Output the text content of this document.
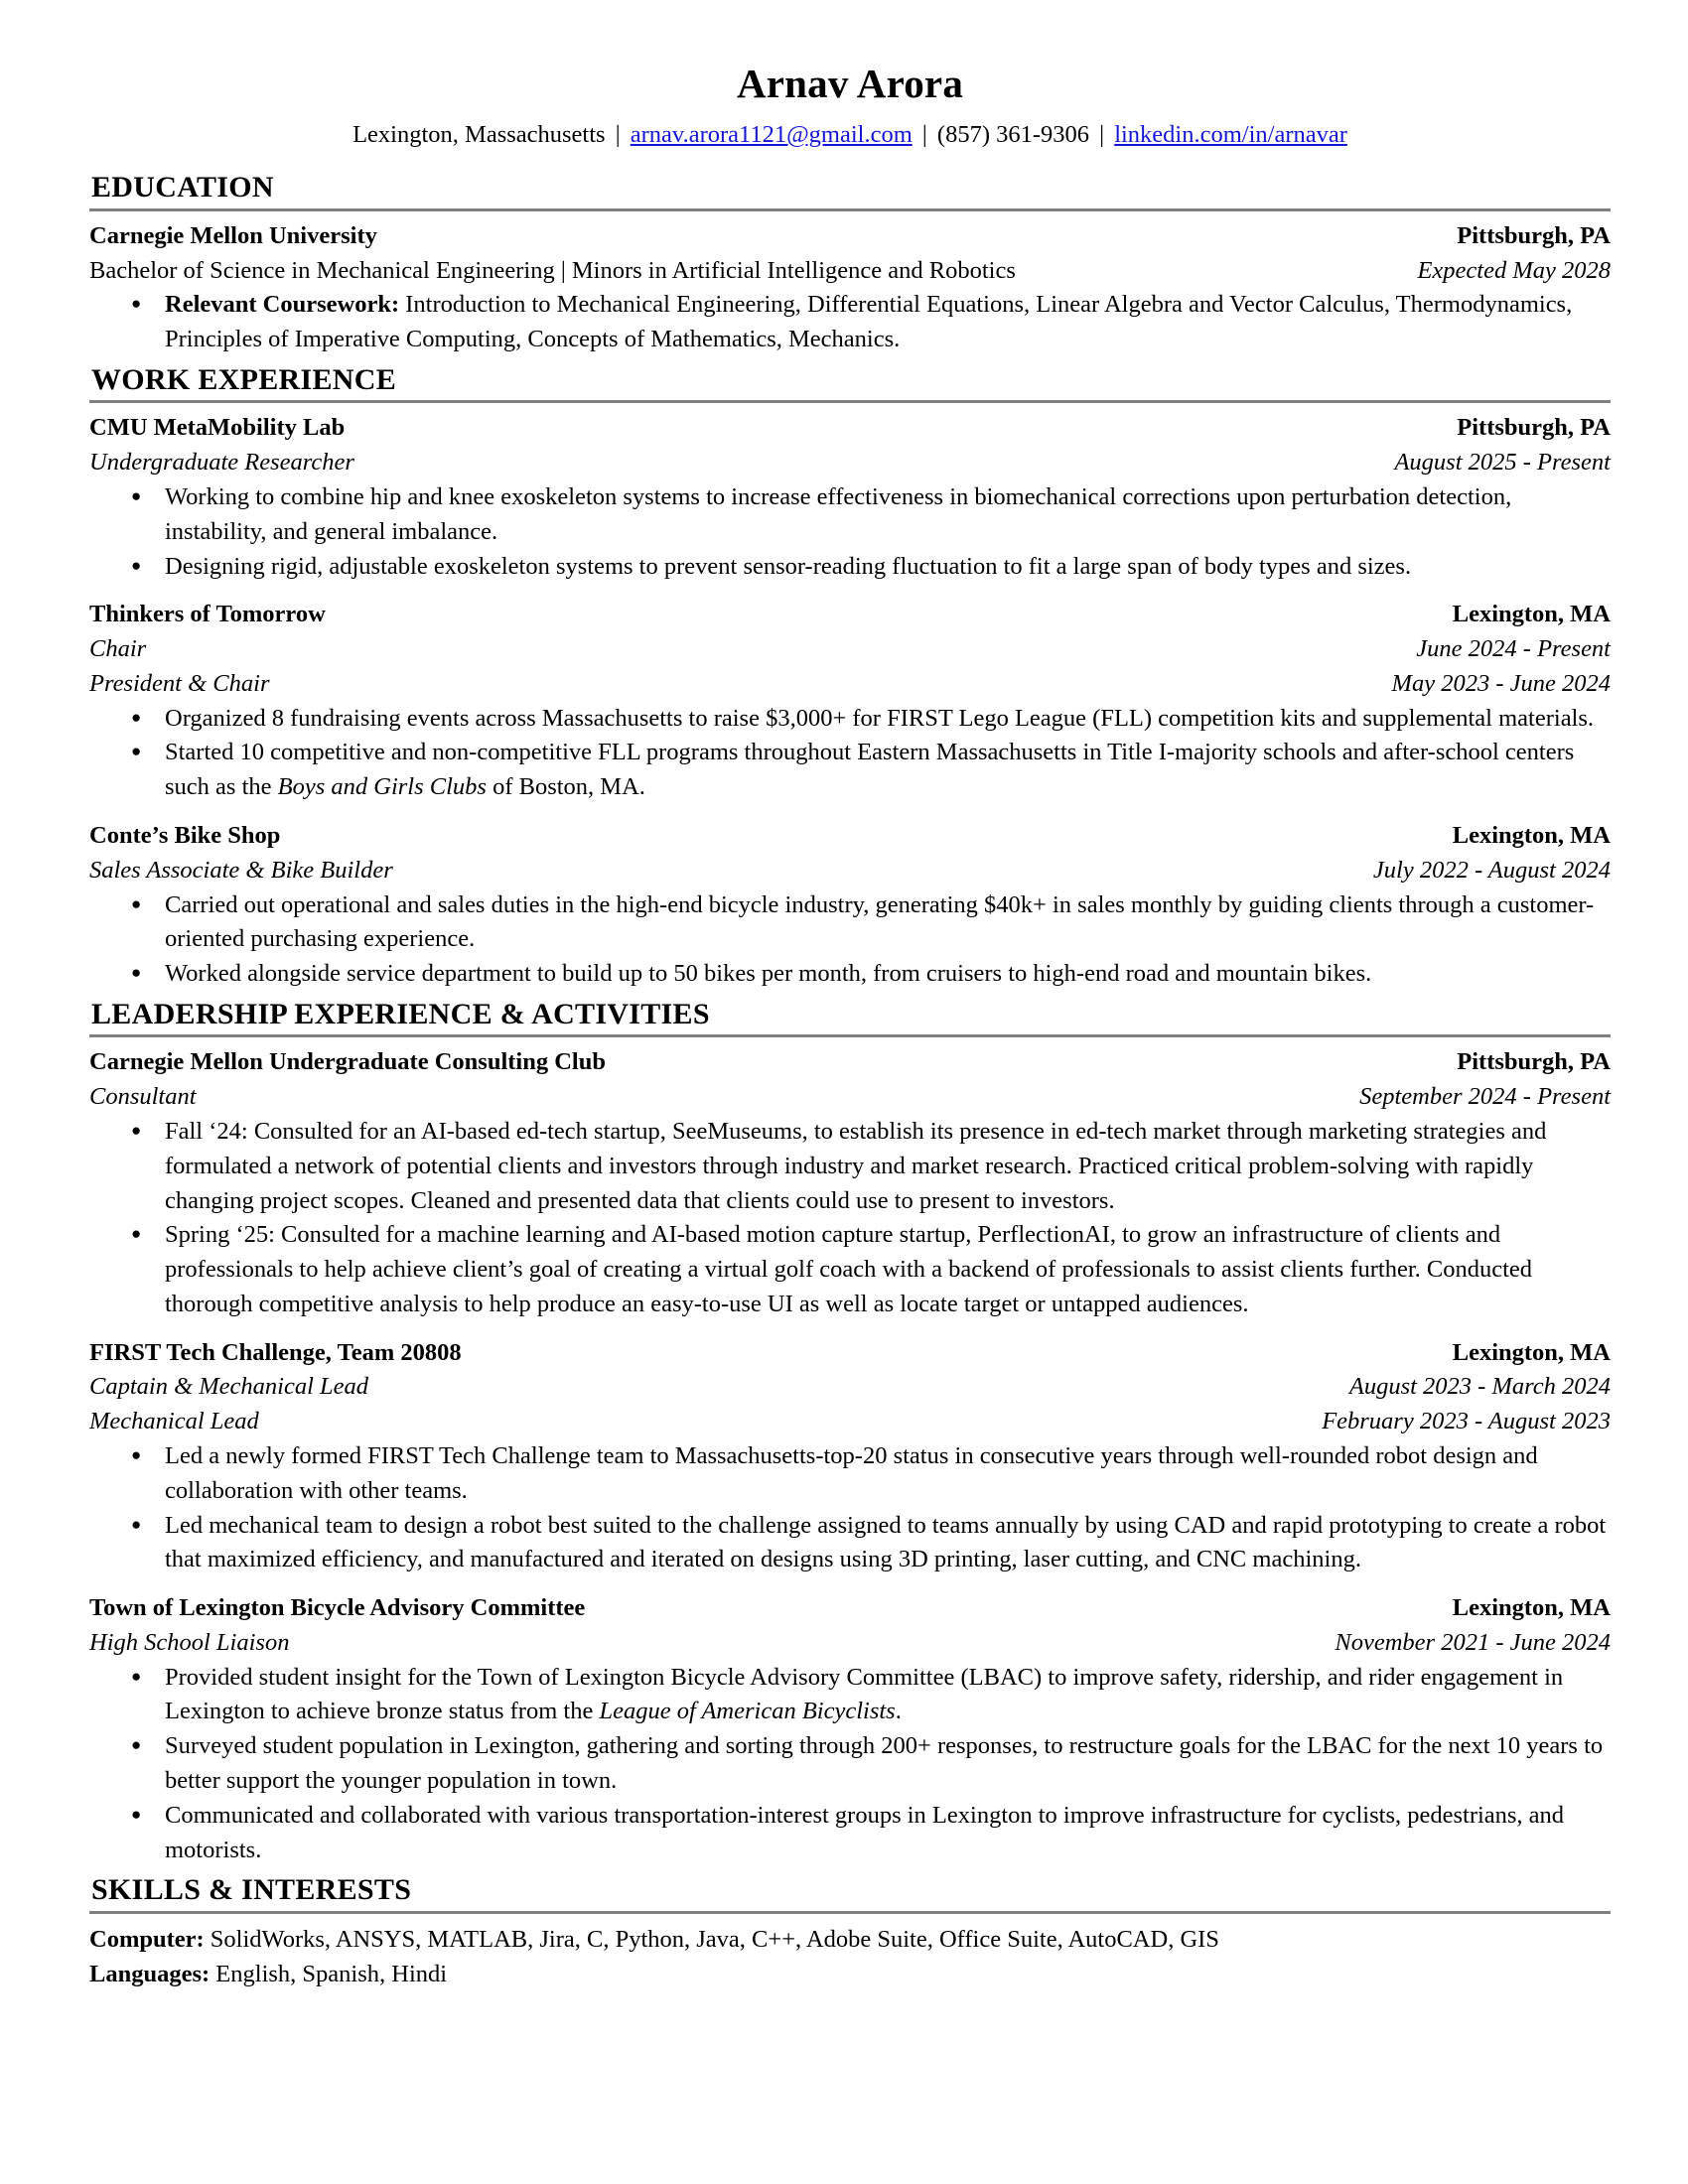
Arnav Arora
Lexington, Massachusetts | arnav.arora1121@gmail.com | (857) 361-9306 | linkedin.com/in/arnavar
EDUCATION
Carnegie Mellon University	Pittsburgh, PA
Bachelor of Science in Mechanical Engineering | Minors in Artificial Intelligence and Robotics	Expected May 2028
● Relevant Coursework: Introduction to Mechanical Engineering, Differential Equations, Linear Algebra and Vector Calculus, Thermodynamics, Principles of Imperative Computing, Concepts of Mathematics, Mechanics.
WORK EXPERIENCE
CMU MetaMobility Lab	Pittsburgh, PA
Undergraduate Researcher	August 2025 - Present
● Working to combine hip and knee exoskeleton systems to increase effectiveness in biomechanical corrections upon perturbation detection, instability, and general imbalance.
● Designing rigid, adjustable exoskeleton systems to prevent sensor-reading fluctuation to fit a large span of body types and sizes.
Thinkers of Tomorrow	Lexington, MA
Chair	June 2024 - Present
President & Chair	May 2023 - June 2024
● Organized 8 fundraising events across Massachusetts to raise $3,000+ for FIRST Lego League (FLL) competition kits and supplemental materials.
● Started 10 competitive and non-competitive FLL programs throughout Eastern Massachusetts in Title I-majority schools and after-school centers such as the Boys and Girls Clubs of Boston, MA.
Conte’s Bike Shop	Lexington, MA
Sales Associate & Bike Builder	July 2022 - August 2024
● Carried out operational and sales duties in the high-end bicycle industry, generating $40k+ in sales monthly by guiding clients through a customer-oriented purchasing experience.
● Worked alongside service department to build up to 50 bikes per month, from cruisers to high-end road and mountain bikes.
LEADERSHIP EXPERIENCE & ACTIVITIES
Carnegie Mellon Undergraduate Consulting Club	Pittsburgh, PA
Consultant	September 2024 - Present
● Fall ‘24: Consulted for an AI-based ed-tech startup, SeeMuseums, to establish its presence in ed-tech market through marketing strategies and formulated a network of potential clients and investors through industry and market research. Practiced critical problem-solving with rapidly changing project scopes. Cleaned and presented data that clients could use to present to investors.
● Spring ‘25: Consulted for a machine learning and AI-based motion capture startup, PerflectionAI, to grow an infrastructure of clients and professionals to help achieve client’s goal of creating a virtual golf coach with a backend of professionals to assist clients further. Conducted thorough competitive analysis to help produce an easy-to-use UI as well as locate target or untapped audiences.
FIRST Tech Challenge, Team 20808	Lexington, MA
Captain & Mechanical Lead	August 2023 - March 2024
Mechanical Lead	February 2023 - August 2023
● Led a newly formed FIRST Tech Challenge team to Massachusetts-top-20 status in consecutive years through well-rounded robot design and collaboration with other teams.
● Led mechanical team to design a robot best suited to the challenge assigned to teams annually by using CAD and rapid prototyping to create a robot that maximized efficiency, and manufactured and iterated on designs using 3D printing, laser cutting, and CNC machining.
Town of Lexington Bicycle Advisory Committee	Lexington, MA
High School Liaison	November 2021 - June 2024
● Provided student insight for the Town of Lexington Bicycle Advisory Committee (LBAC) to improve safety, ridership, and rider engagement in Lexington to achieve bronze status from the League of American Bicyclists.
● Surveyed student population in Lexington, gathering and sorting through 200+ responses, to restructure goals for the LBAC for the next 10 years to better support the younger population in town.
● Communicated and collaborated with various transportation-interest groups in Lexington to improve infrastructure for cyclists, pedestrians, and motorists.
SKILLS & INTERESTS
Computer: SolidWorks, ANSYS, MATLAB, Jira, C, Python, Java, C++, Adobe Suite, Office Suite, AutoCAD, GIS
Languages: English, Spanish, Hindi
